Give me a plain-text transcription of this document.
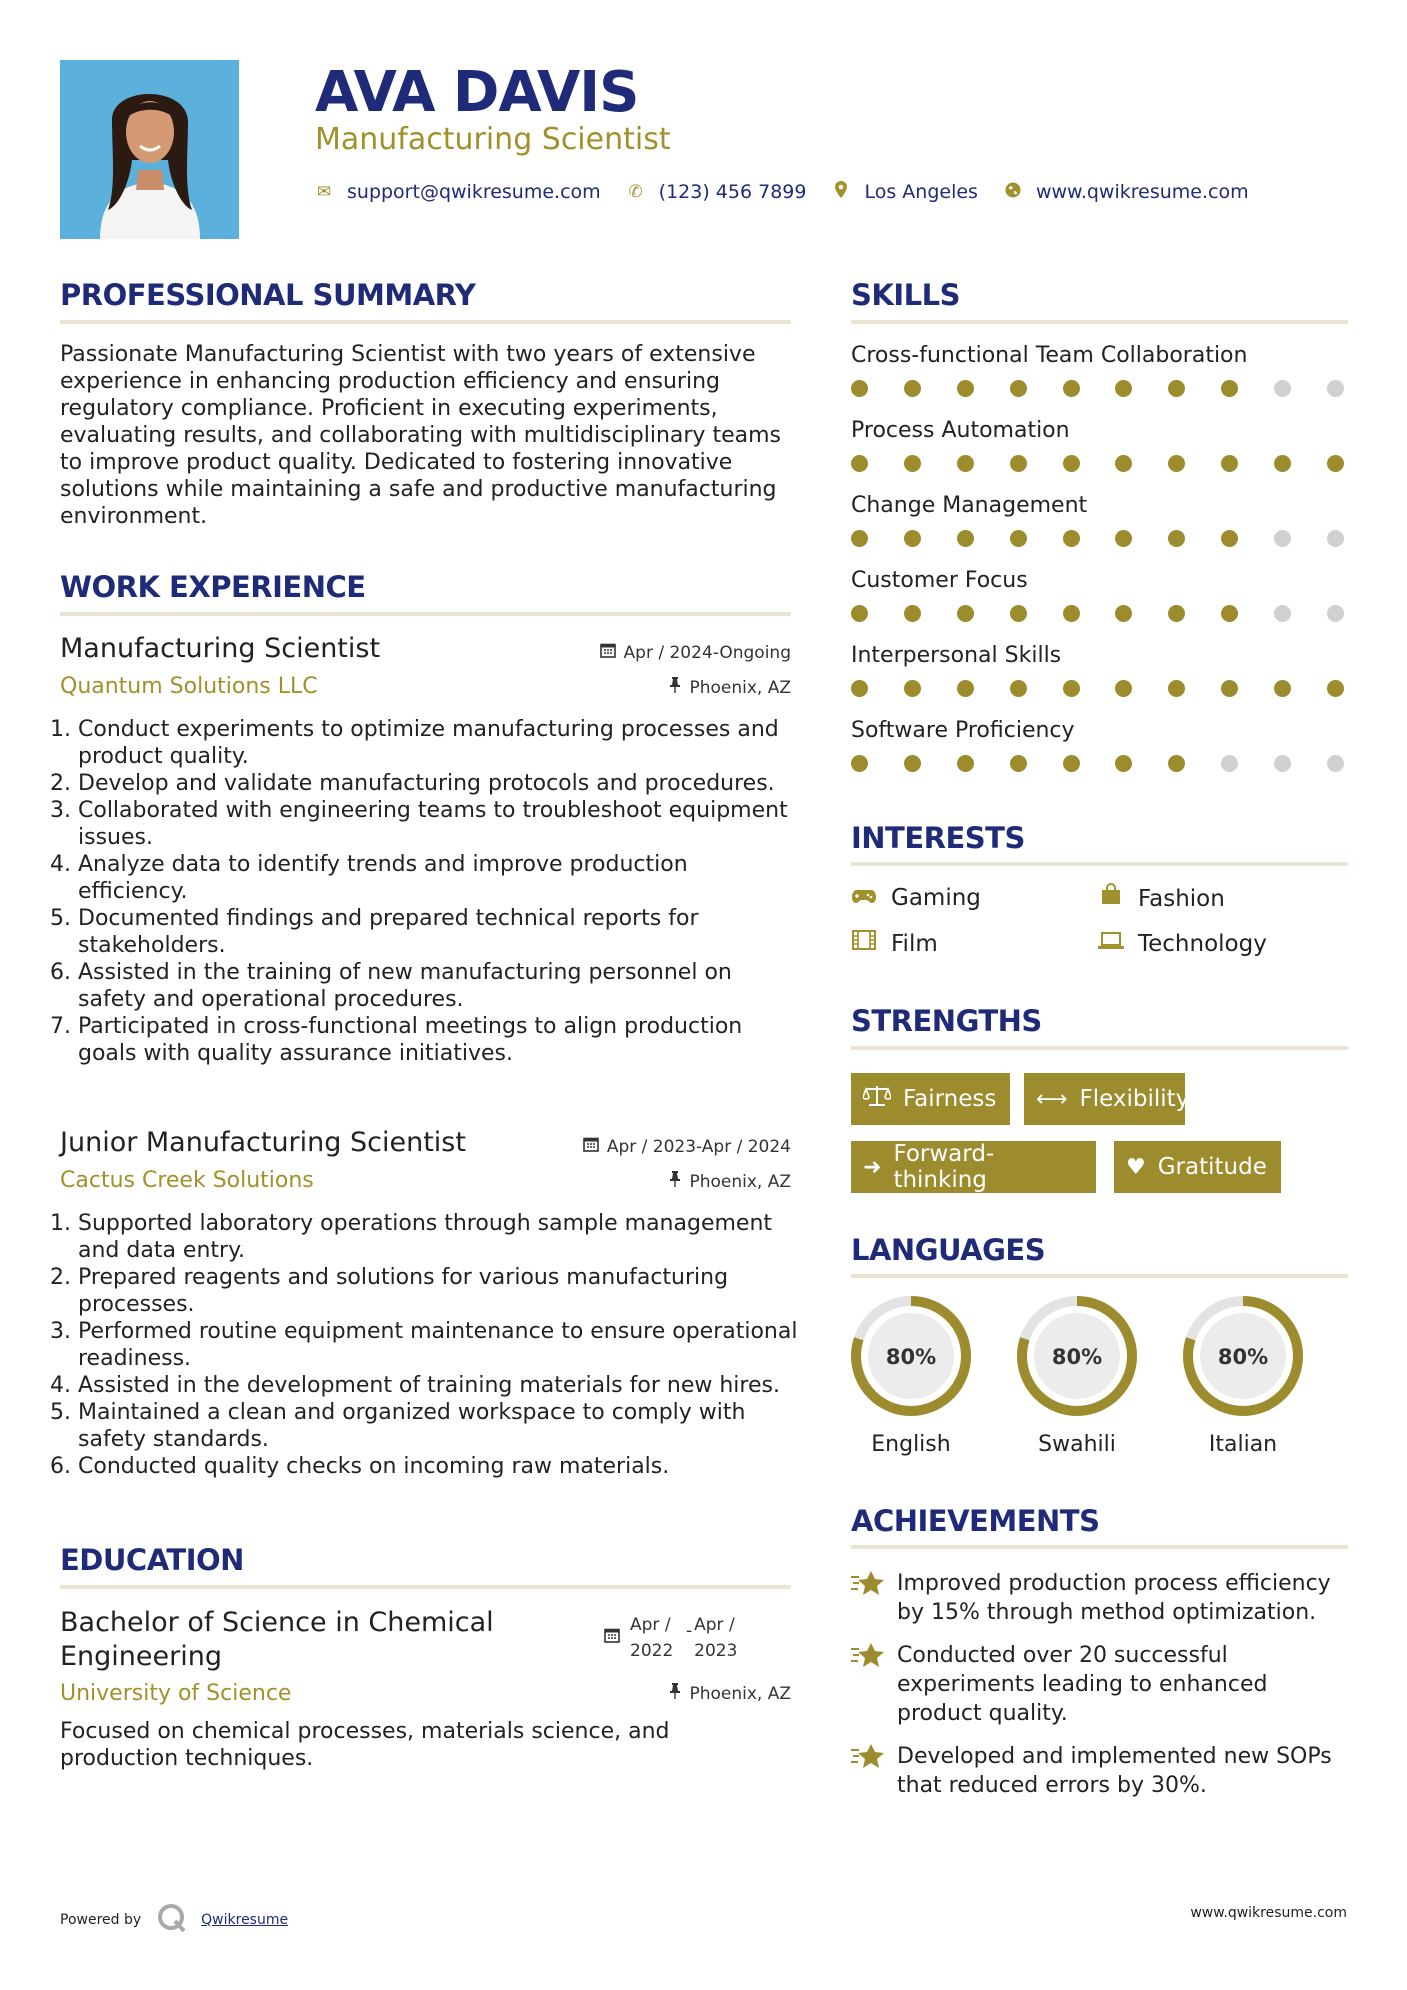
AVA DAVIS
Manufacturing Scientist
✉ support@qwikresume.com ✆ (123) 456 7899	Los Angeles	www.qwikresume.com
PROFESSIONAL SUMMARY
Passionate Manufacturing Scientist with two years of extensive experience in enhancing production efficiency and ensuring regulatory compliance. Proficient in executing experiments, evaluating results, and collaborating with multidisciplinary teams to improve product quality. Dedicated to fostering innovative solutions while maintaining a safe and productive manufacturing environment.
WORK EXPERIENCE
Manufacturing Scientist	Apr / 2024-Ongoing
Quantum Solutions LLC	Phoenix, AZ
1. Conduct experiments to optimize manufacturing processes and product quality.
2. Develop and validate manufacturing protocols and procedures.
3. Collaborated with engineering teams to troubleshoot equipment issues.
4. Analyze data to identify trends and improve production efficiency.
5. Documented findings and prepared technical reports for stakeholders.
6. Assisted in the training of new manufacturing personnel on safety and operational procedures.
7. Participated in cross-functional meetings to align production goals with quality assurance initiatives.
Junior Manufacturing Scientist	Apr / 2023-Apr / 2024
Cactus Creek Solutions	Phoenix, AZ
1. Supported laboratory operations through sample management and data entry.
2. Prepared reagents and solutions for various manufacturing processes.
3. Performed routine equipment maintenance to ensure operational readiness.
4. Assisted in the development of training materials for new hires.
5. Maintained a clean and organized workspace to comply with safety standards.
6. Conducted quality checks on incoming raw materials.
EDUCATION
Bachelor of Science in Chemical
Engineering
Apr /
2022
- Apr /
2023
University of Science	Phoenix, AZ
Focused on chemical processes, materials science, and production techniques.
SKILLS
Cross-functional Team Collaboration
Process Automation
Change Management
Customer Focus
Interpersonal Skills
Software Proficiency
INTERESTS
Gaming	Fashion
Film	Technology
STRENGTHS
Fairness ⟷ Flexibility
➜ Forward-thinking	♥ Gratitude
LANGUAGES
80%
English
80%
Swahili
80%
Italian
ACHIEVEMENTS
Improved production process efficiency by 15% through method optimization.
Conducted over 20 successful experiments leading to enhanced product quality.
Developed and implemented new SOPs that reduced errors by 30%.
Powered by	Qwikresume	www.qwikresume.com
